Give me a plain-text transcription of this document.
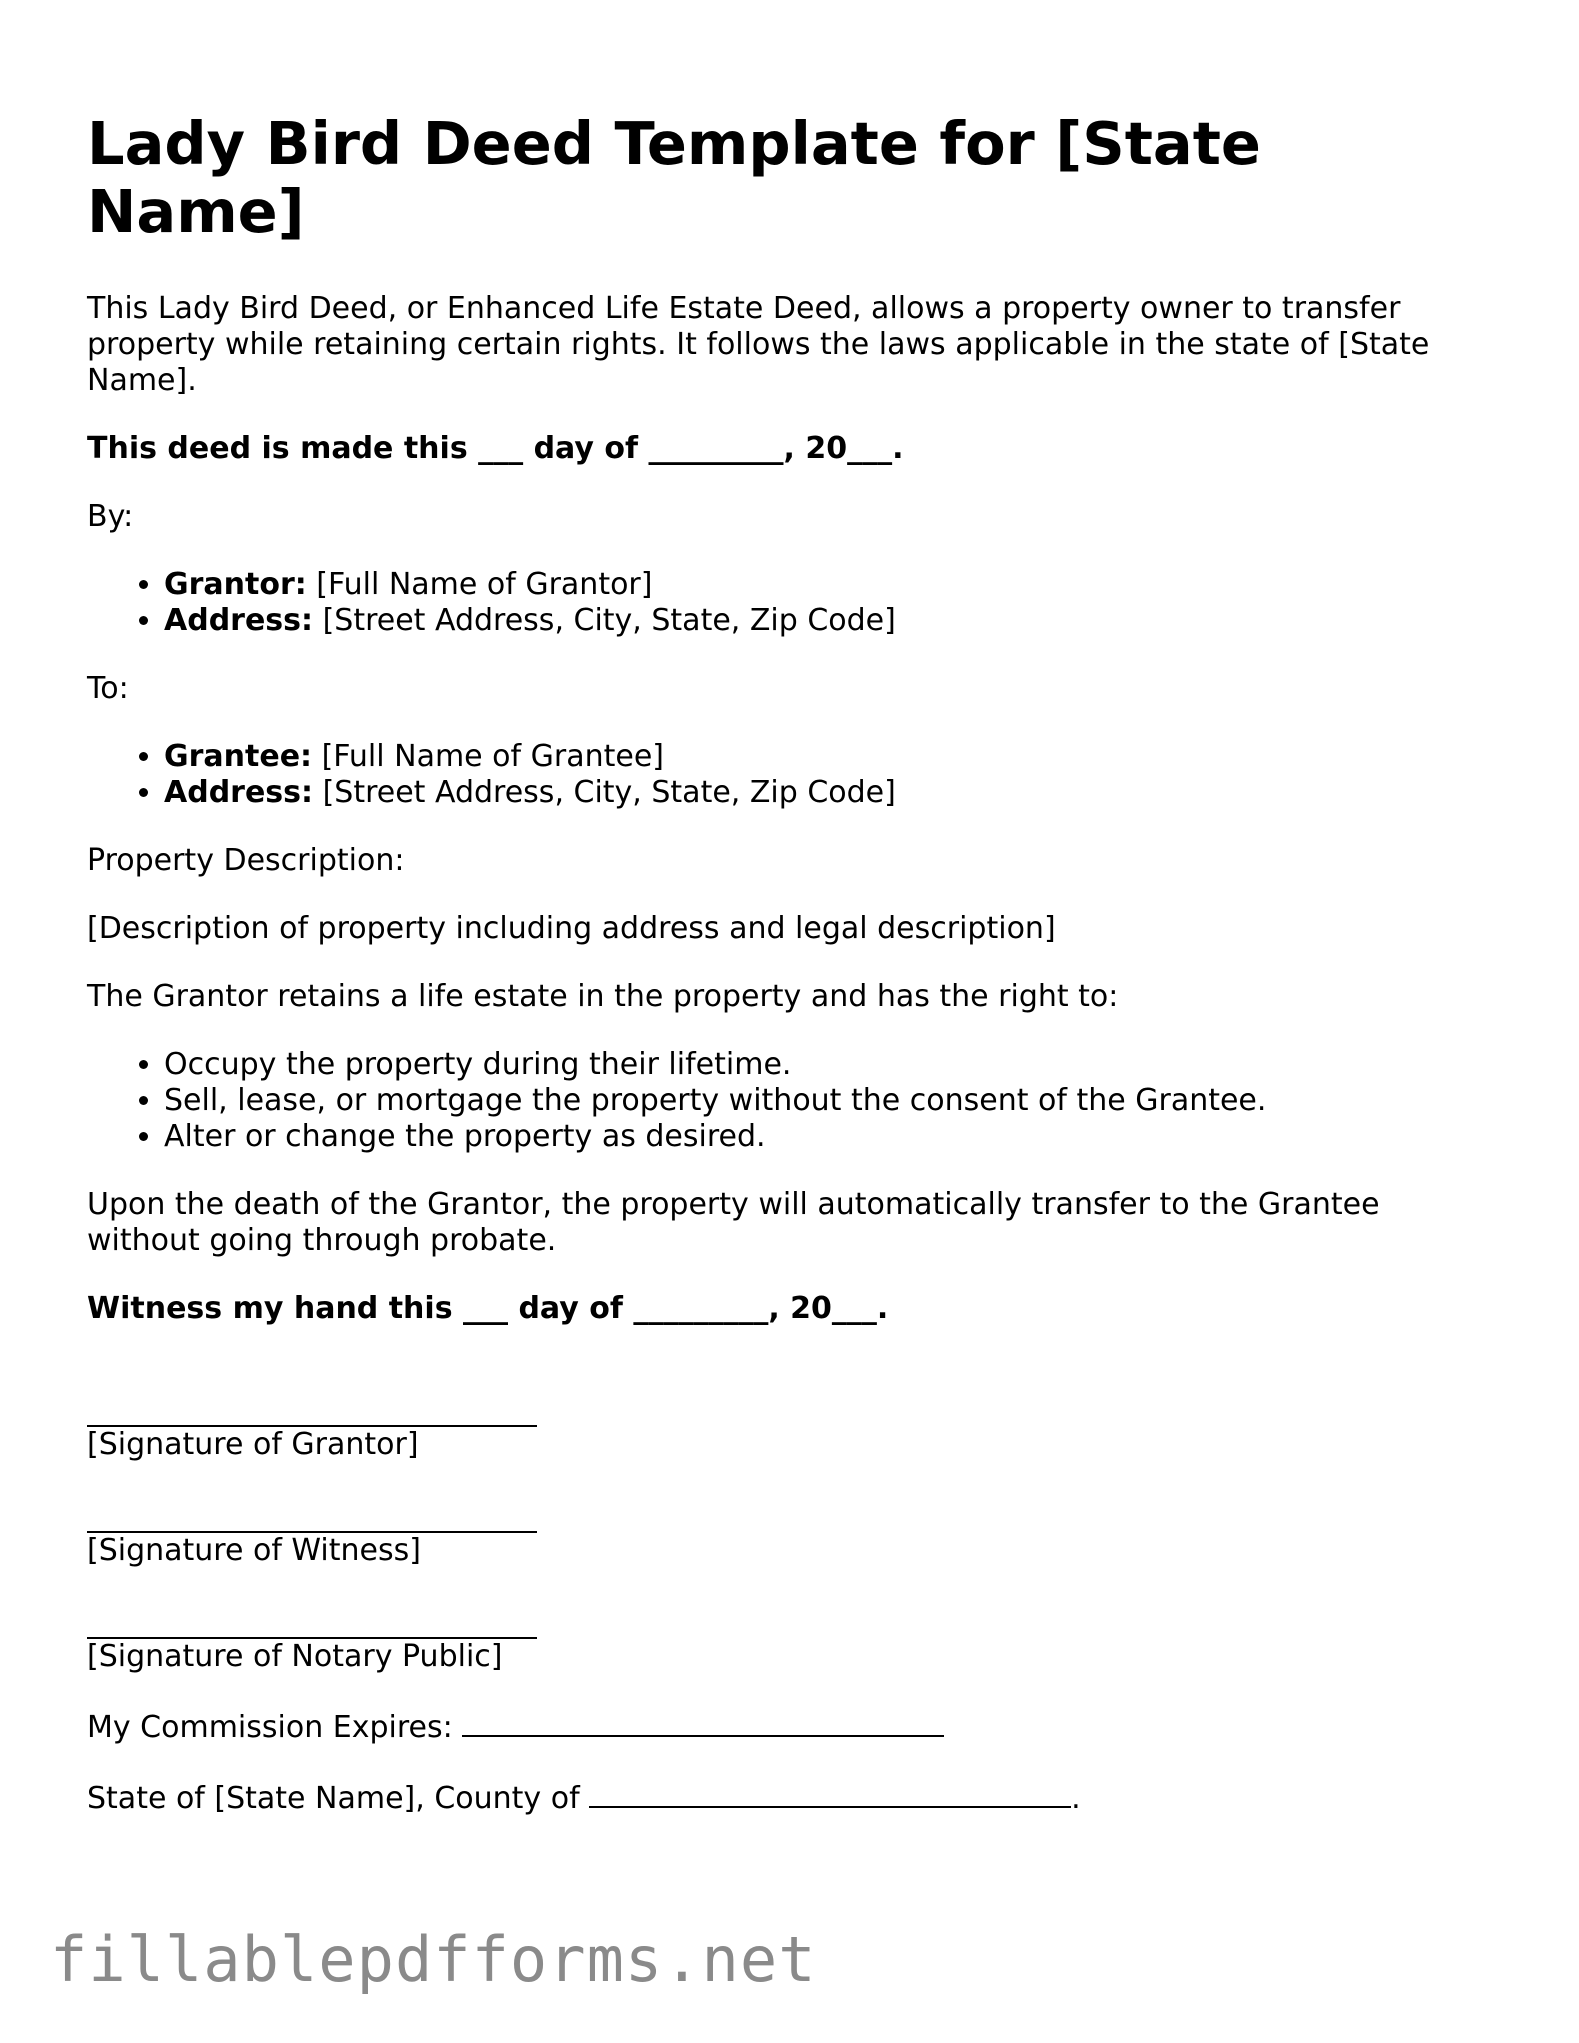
Lady Bird Deed Template for [State Name]

This Lady Bird Deed, or Enhanced Life Estate Deed, allows a property owner to transfer property while retaining certain rights. It follows the laws applicable in the state of [State Name].

This deed is made this ___ day of _________, 20___.

By:

• Grantor: [Full Name of Grantor]
• Address: [Street Address, City, State, Zip Code]

To:

• Grantee: [Full Name of Grantee]
• Address: [Street Address, City, State, Zip Code]

Property Description:

[Description of property including address and legal description]

The Grantor retains a life estate in the property and has the right to:

• Occupy the property during their lifetime.
• Sell, lease, or mortgage the property without the consent of the Grantee.
• Alter or change the property as desired.

Upon the death of the Grantor, the property will automatically transfer to the Grantee without going through probate.

Witness my hand this ___ day of _________, 20___.

[Signature of Grantor]
[Signature of Witness]
[Signature of Notary Public]

My Commission Expires:

State of [State Name], County of	.

fillablepdfforms.net
